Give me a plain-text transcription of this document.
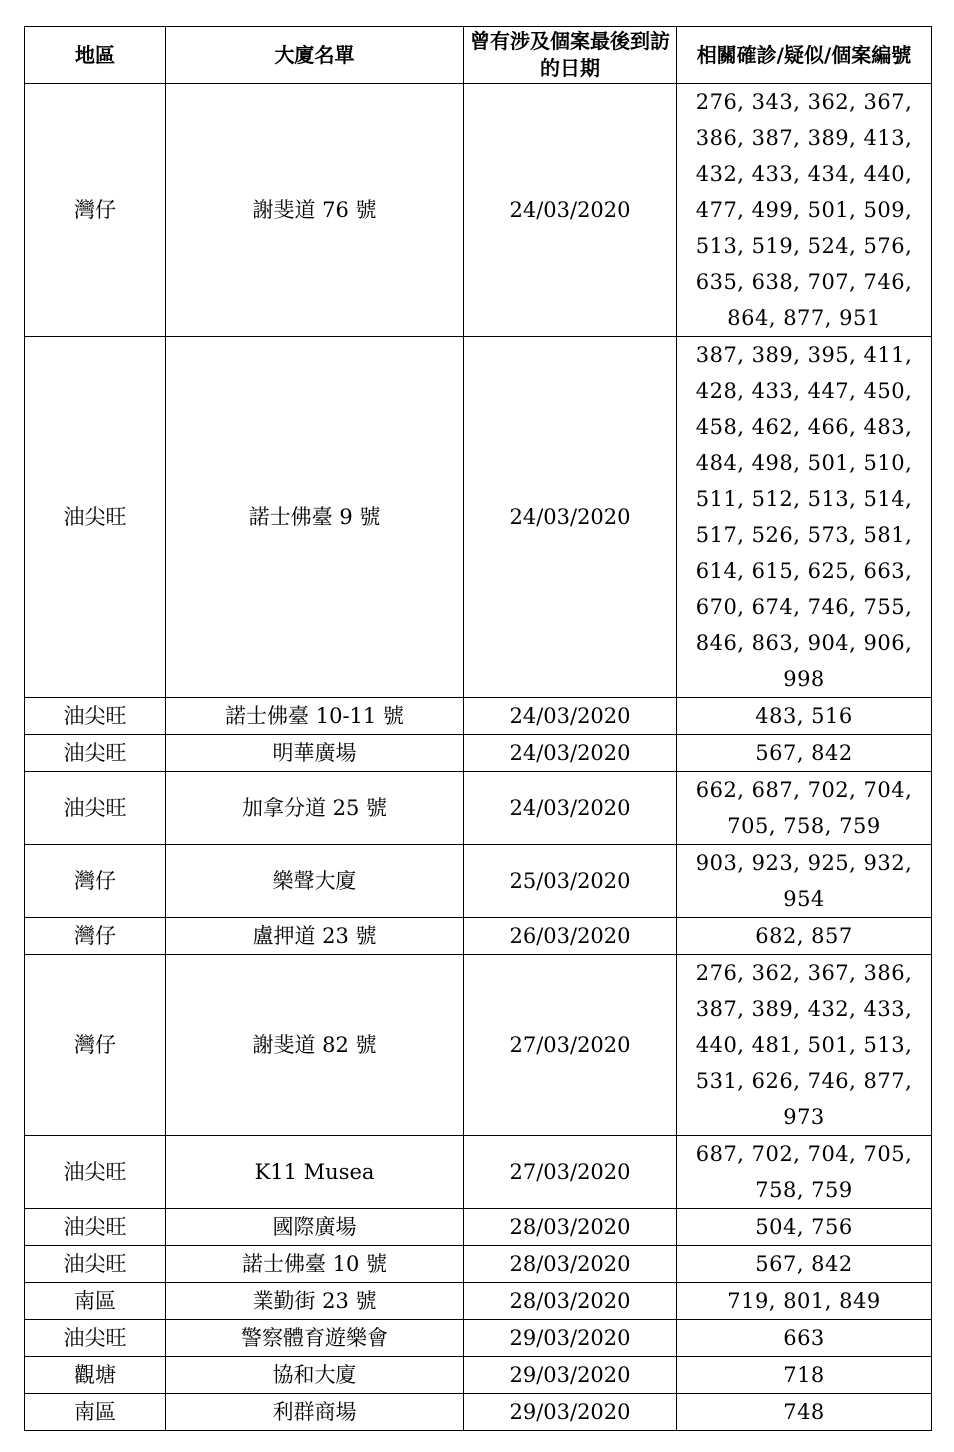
地區	大廈名單	曾有涉及個案最後到訪的日期	相關確診/疑似/個案編號
灣仔	謝斐道 76 號	24/03/2020	276, 343, 362, 367, 386, 387, 389, 413, 432, 433, 434, 440, 477, 499, 501, 509, 513, 519, 524, 576, 635, 638, 707, 746, 864, 877, 951
油尖旺	諾士佛臺 9 號	24/03/2020	387, 389, 395, 411, 428, 433, 447, 450, 458, 462, 466, 483, 484, 498, 501, 510, 511, 512, 513, 514, 517, 526, 573, 581, 614, 615, 625, 663, 670, 674, 746, 755, 846, 863, 904, 906, 998
油尖旺	諾士佛臺 10-11 號	24/03/2020	483, 516
油尖旺	明華廣場	24/03/2020	567, 842
油尖旺	加拿分道 25 號	24/03/2020	662, 687, 702, 704, 705, 758, 759
灣仔	樂聲大廈	25/03/2020	903, 923, 925, 932, 954
灣仔	盧押道 23 號	26/03/2020	682, 857
灣仔	謝斐道 82 號	27/03/2020	276, 362, 367, 386, 387, 389, 432, 433, 440, 481, 501, 513, 531, 626, 746, 877, 973
油尖旺	K11 Musea	27/03/2020	687, 702, 704, 705, 758, 759
油尖旺	國際廣場	28/03/2020	504, 756
油尖旺	諾士佛臺 10 號	28/03/2020	567, 842
南區	業勤街 23 號	28/03/2020	719, 801, 849
油尖旺	警察體育遊樂會	29/03/2020	663
觀塘	協和大廈	29/03/2020	718
南區	利群商場	29/03/2020	748
